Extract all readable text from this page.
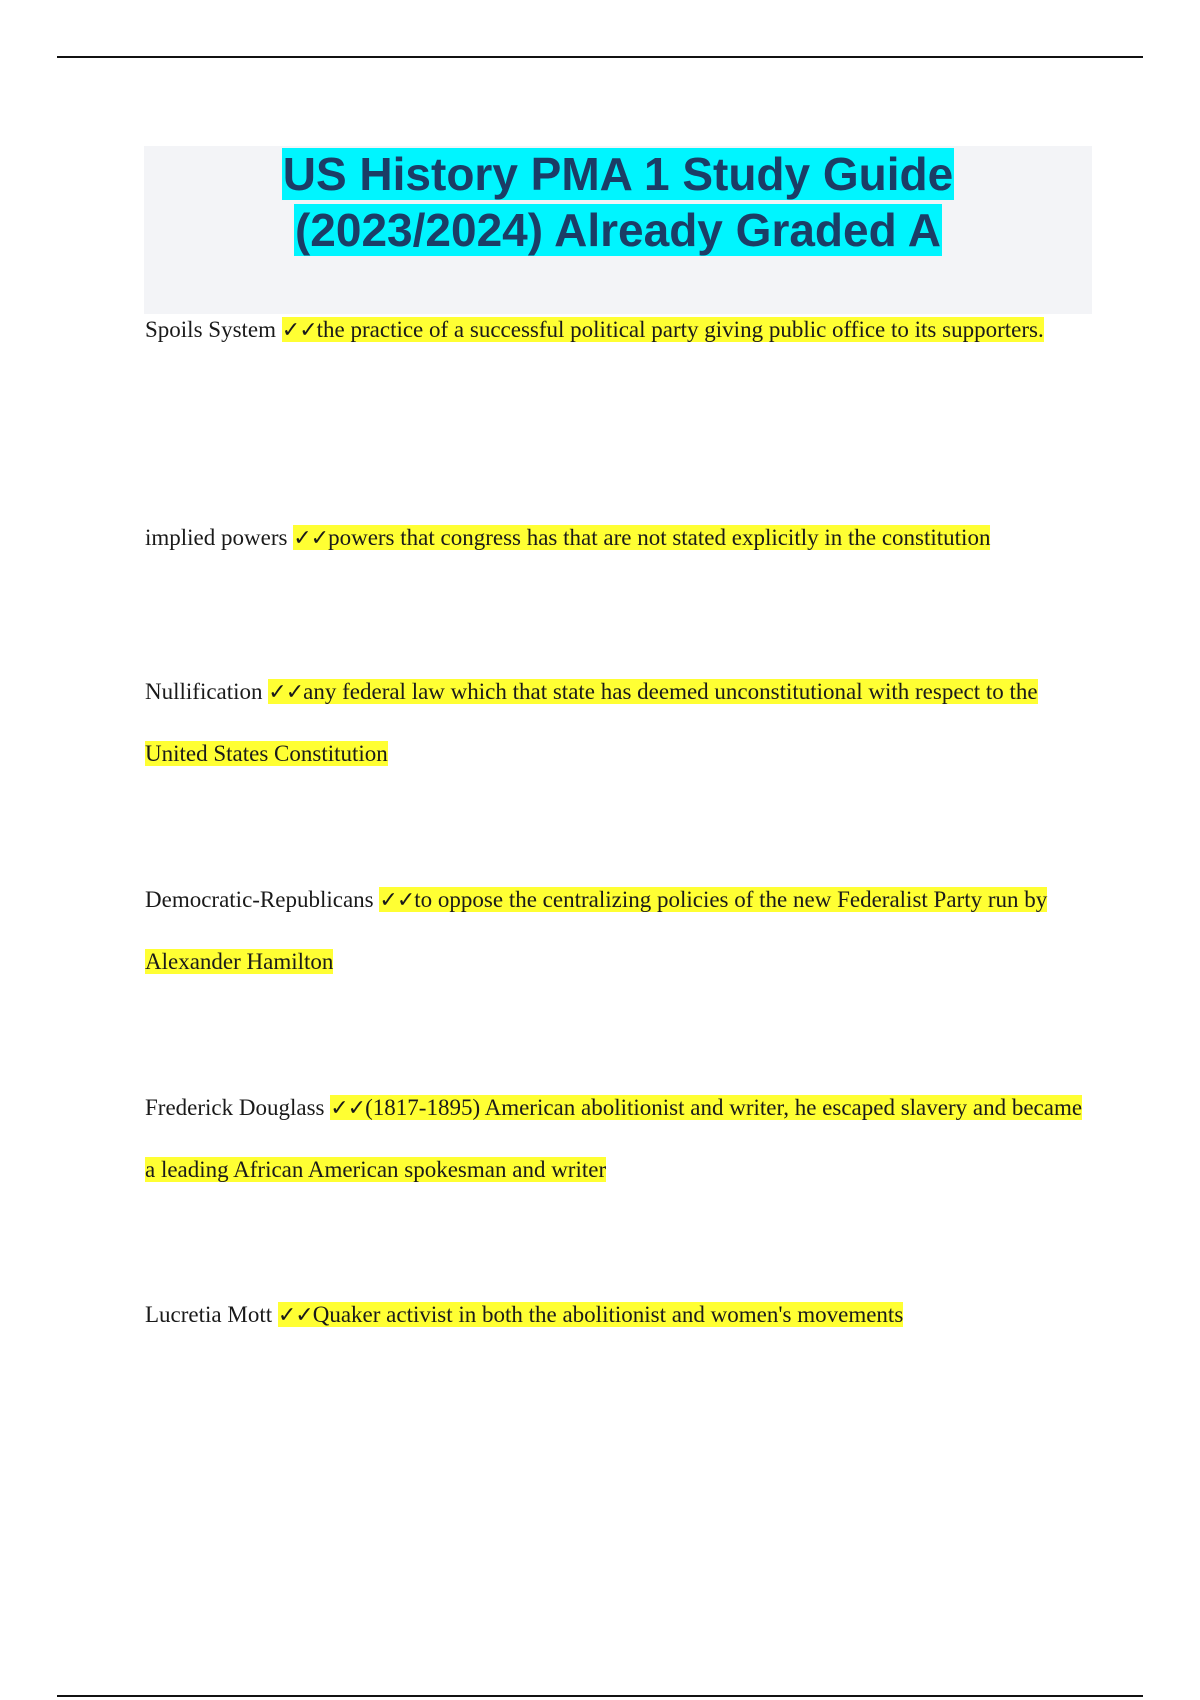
US History PMA 1 Study Guide
(2023/2024) Already Graded A

Spoils System ✓✓the practice of a successful political party giving public office to its supporters.

implied powers ✓✓powers that congress has that are not stated explicitly in the constitution

Nullification ✓✓any federal law which that state has deemed unconstitutional with respect to the United States Constitution

Democratic-Republicans ✓✓to oppose the centralizing policies of the new Federalist Party run by Alexander Hamilton

Frederick Douglass ✓✓(1817-1895) American abolitionist and writer, he escaped slavery and became a leading African American spokesman and writer

Lucretia Mott ✓✓Quaker activist in both the abolitionist and women's movements
